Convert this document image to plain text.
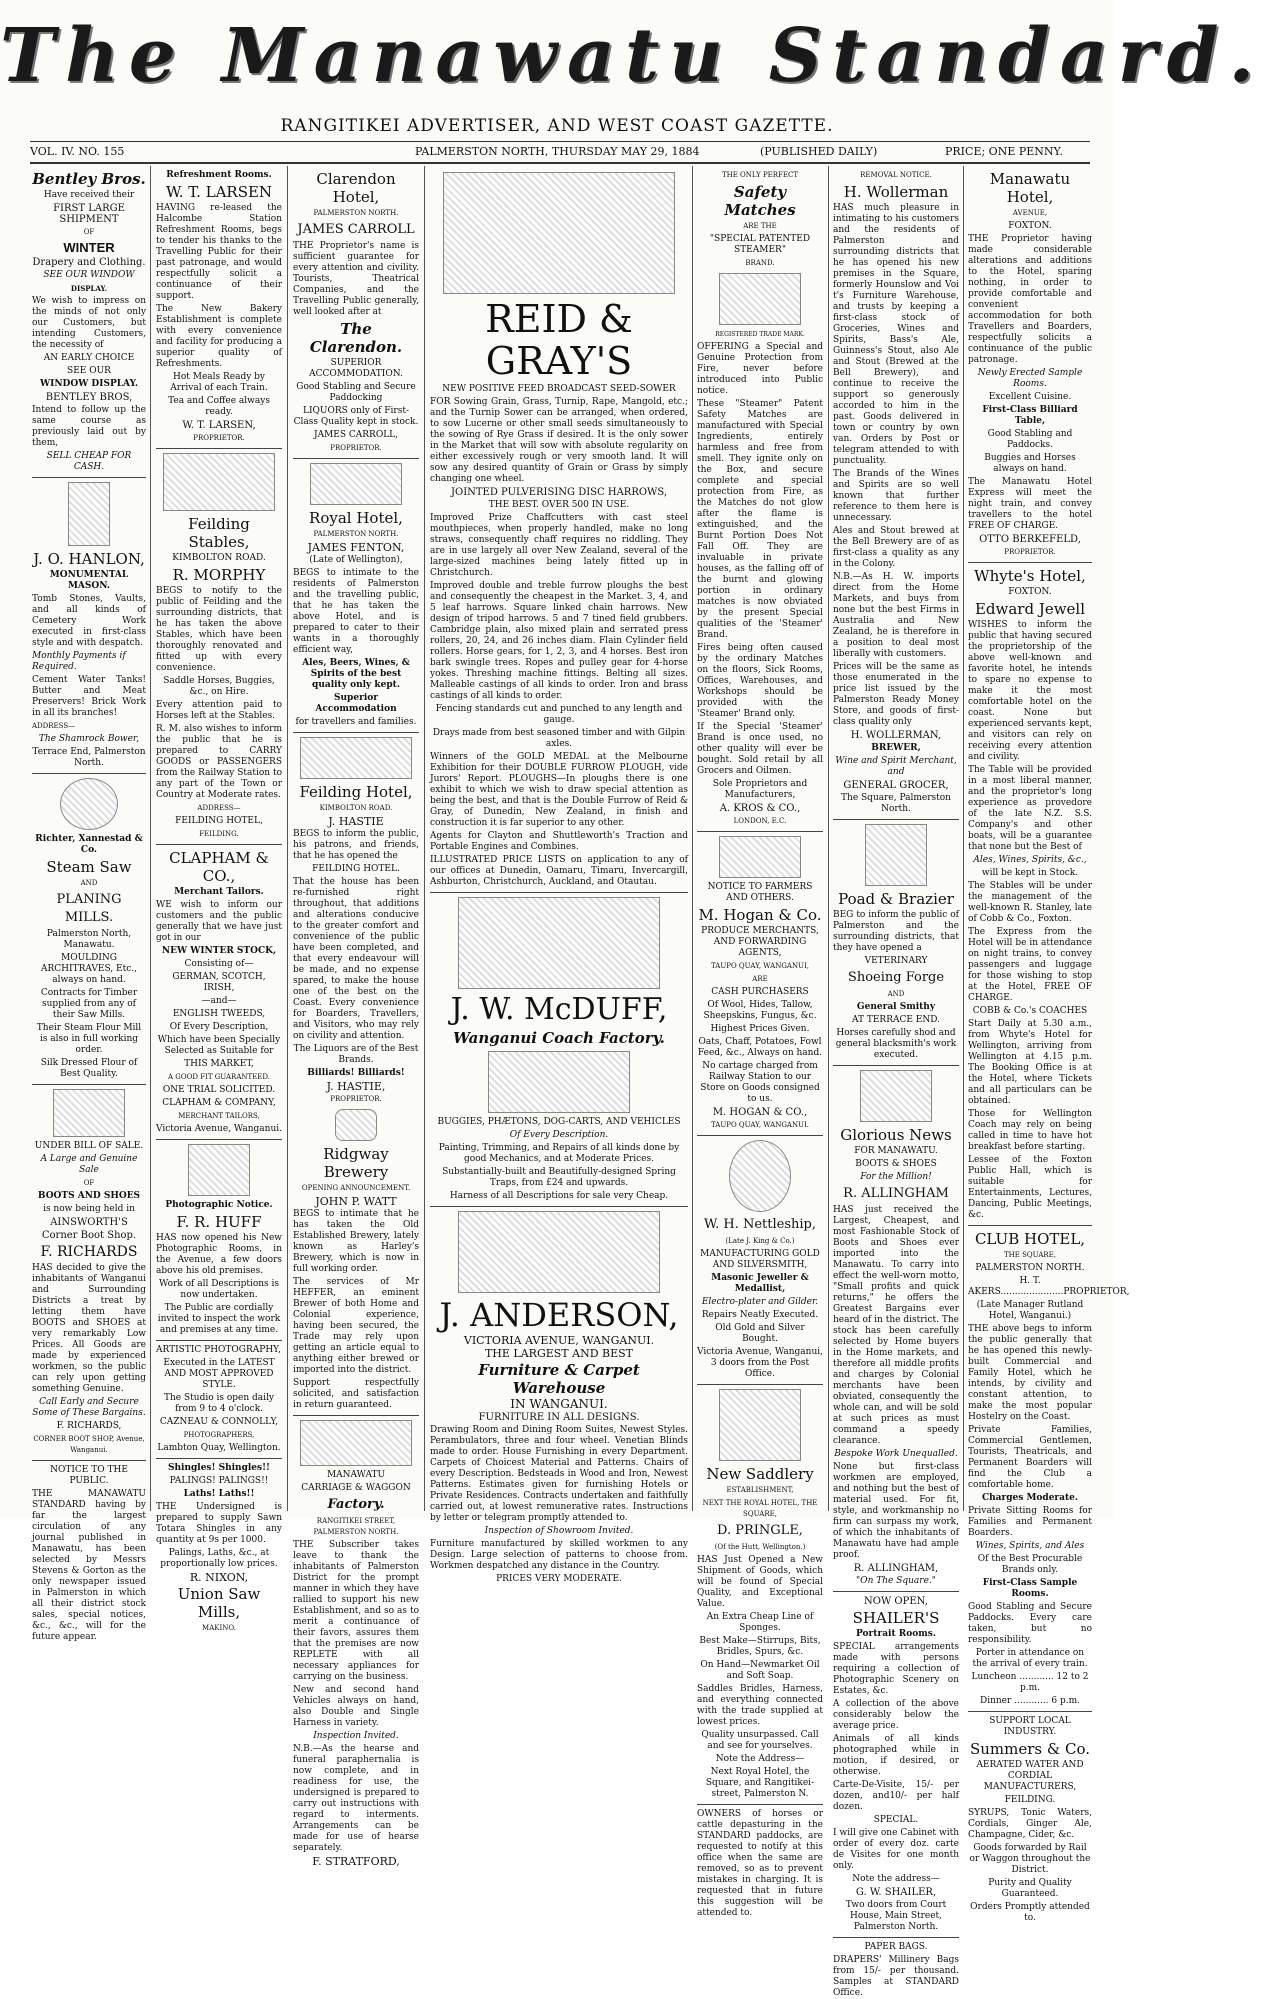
The Manawatu Standard.
RANGITIKEI ADVERTISER, AND WEST COAST GAZETTE.
VOL. IV. NO. 155	PALMERSTON NORTH, THURSDAY MAY 29, 1884	(PUBLISHED DAILY)	PRICE; ONE PENNY.
Bentley Bros.

Have received their

FIRST LARGE SHIPMENT

OF

WINTER

Drapery and Clothing.

SEE OUR WINDOW

DISPLAY.

We wish to impress on the minds of not only our Customers, but intending Customers, the necessity of

AN EARLY CHOICE

SEE OUR

WINDOW DISPLAY.

BENTLEY BROS,

Intend to follow up the same course as previously laid out by them,

SELL CHEAP FOR CASH.

J. O. HANLON,

MONUMENTAL MASON.

Tomb Stones, Vaults, and all kinds of Cemetery Work executed in first-class style and with despatch.

Monthly Payments if Required.

Cement Water Tanks! Butter and Meat Preservers! Brick Work in all its branches!

ADDRESS—

The Shamrock Bower,

Terrace End, Palmerston North.

Richter, Xannestad & Co.

Steam Saw

AND

PLANING MILLS.

Palmerston North, Manawatu.

MOULDING ARCHITRAVES, Etc., always on hand.

Contracts for Timber supplied from any of their Saw Mills.

Their Steam Flour Mill is also in full working order.

Silk Dressed Flour of Best Quality.

UNDER BILL OF SALE.

A Large and Genuine Sale

OF

BOOTS AND SHOES

is now being held in

AINSWORTH'S

Corner Boot Shop.

F. RICHARDS

HAS decided to give the inhabitants of Wanganui and Surrounding Districts a treat by letting them have BOOTS and SHOES at very remarkably Low Prices. All Goods are made by experienced workmen, so the public can rely upon getting something Genuine.

Call Early and Secure Some of These Bargains.

F. RICHARDS,

CORNER BOOT SHOP, Avenue, Wanganui.

NOTICE TO THE PUBLIC.

THE MANAWATU STANDARD having by far the largest circulation of any journal published in Manawatu, has been selected by Messrs Stevens & Gorton as the only newspaper issued in Palmerston in which all their district stock sales, special notices, &c., &c., will for the future appear.

Refreshment Rooms.

W. T. LARSEN

HAVING re-leased the Halcombe Station Refreshment Rooms, begs to tender his thanks to the Travelling Public for their past patronage, and would respectfully solicit a continuance of their support.

The New Bakery Establishment is complete with every convenience and facility for producing a superior quality of Refreshments.

Hot Meals Ready by Arrival of each Train.

Tea and Coffee always ready.

W. T. LARSEN,

PROPRIETOR.

Feilding Stables,

KIMBOLTON ROAD.

R. MORPHY

BEGS to notify to the public of Feilding and the surrounding districts, that he has taken the above Stables, which have been thoroughly renovated and fitted up with every convenience.

Saddle Horses, Buggies, &c., on Hire.

Every attention paid to Horses left at the Stables.

R. M. also wishes to inform the public that he is prepared to CARRY GOODS or PASSENGERS from the Railway Station to any part of the Town or Country at Moderate rates.

ADDRESS—

FEILDING HOTEL,

FEILDING.

CLAPHAM & CO.,

Merchant Tailors.

WE wish to inform our customers and the public generally that we have just got in our

NEW WINTER STOCK,

Consisting of—

GERMAN, SCOTCH, IRISH,

—and—

ENGLISH TWEEDS,

Of Every Description,

Which have been Specially Selected as Suitable for

THIS MARKET,

A GOOD FIT GUARANTEED.

ONE TRIAL SOLICITED.

CLAPHAM & COMPANY,

MERCHANT TAILORS,

Victoria Avenue, Wanganui.

Photographic Notice.

F. R. HUFF

HAS now opened his New Photographic Rooms, in the Avenue, a few doors above his old premises.

Work of all Descriptions is now undertaken.

The Public are cordially invited to inspect the work and premises at any time.

ARTISTIC PHOTOGRAPHY,

Executed in the LATEST AND MOST APPROVED STYLE.

The Studio is open daily from 9 to 4 o'clock.

CAZNEAU & CONNOLLY,

PHOTOGRAPHERS,

Lambton Quay, Wellington.

Shingles! Shingles!!

PALINGS! PALINGS!!

Laths! Laths!!

THE Undersigned is prepared to supply Sawn Totara Shingles in any quantity at 9s per 1000.

Palings, Laths, &c., at proportionally low prices.

R. NIXON,

Union Saw Mills,

MAKINO.

Clarendon Hotel,

PALMERSTON NORTH.

JAMES CARROLL

THE Proprietor's name is sufficient guarantee for every attention and civility. Tourists, Theatrical Companies, and the Travelling Public generally, well looked after at

The Clarendon.

SUPERIOR ACCOMMODATION.

Good Stabling and Secure Paddocking

LIQUORS only of First-Class Quality kept in stock.

JAMES CARROLL,

PROPRIETOR.

Royal Hotel,

PALMERSTON NORTH.

JAMES FENTON,

(Late of Wellington),

BEGS to intimate to the residents of Palmerston and the travelling public, that he has taken the above Hotel, and is prepared to cater to their wants in a thoroughly efficient way,

Ales, Beers, Wines, & Spirits of the best quality only kept.

Superior Accommodation

for travellers and families.

Feilding Hotel,

KIMBOLTON ROAD.

J. HASTIE

BEGS to inform the public, his patrons, and friends, that he has opened the

FEILDING HOTEL.

That the house has been re-furnished right throughout, that additions and alterations conducive to the greater comfort and convenience of the public have been completed, and that every endeavour will be made, and no expense spared, to make the house one of the best on the Coast. Every convenience for Boarders, Travellers, and Visitors, who may rely on civility and attention.

The Liquors are of the Best Brands.

Billiards! Billiards!

J. HASTIE,

PROPRIETOR.

Ridgway Brewery

OPENING ANNOUNCEMENT.

JOHN P. WATT

BEGS to intimate that he has taken the Old Established Brewery, lately known as Harley's Brewery, which is now in full working order.

The services of Mr HEFFER, an eminent Brewer of both Home and Colonial experience, having been secured, the Trade may rely upon getting an article equal to anything either brewed or imported into the district.

Support respectfully solicited, and satisfaction in return guaranteed.

MANAWATU

CARRIAGE & WAGGON

Factory.

RANGITIKEI STREET, PALMERSTON NORTH.

THE Subscriber takes leave to thank the inhabitants of Palmerston District for the prompt manner in which they have rallied to support his new Establishment, and so as to merit a continuance of their favors, assures them that the premises are now REPLETE with all necessary appliances for carrying on the business.

New and second hand Vehicles always on hand, also Double and Single Harness in variety.

Inspection Invited.

N.B.—As the hearse and funeral paraphernalia is now complete, and in readiness for use, the undersigned is prepared to carry out instructions with regard to interments. Arrangements can be made for use of hearse separately.

F. STRATFORD,

REID & GRAY'S

NEW POSITIVE FEED BROADCAST SEED-SOWER

FOR Sowing Grain, Grass, Turnip, Rape, Mangold, etc.; and the Turnip Sower can be arranged, when ordered, to sow Lucerne or other small seeds simultaneously to the sowing of Rye Grass if desired. It is the only sower in the Market that will sow with absolute regularity on either excessively rough or very smooth land. It will sow any desired quantity of Grain or Grass by simply changing one wheel.

JOINTED PULVERISING DISC HARROWS,

THE BEST. OVER 500 IN USE.

Improved Prize Chaffcutters with cast steel mouthpieces, when properly handled, make no long straws, consequently chaff requires no riddling. They are in use largely all over New Zealand, several of the large-sized machines being lately fitted up in Christchurch.

Improved double and treble furrow ploughs the best and consequently the cheapest in the Market. 3, 4, and 5 leaf harrows. Square linked chain harrows. New design of tripod harrows. 5 and 7 tined field grubbers. Cambridge plain, also mixed plain and serrated press rollers, 20, 24, and 26 inches diam. Flain Cylinder field rollers. Horse gears, for 1, 2, 3, and 4 horses. Best iron bark swingle trees. Ropes and pulley gear for 4-horse yokes. Threshing machine fittings. Belting all sizes. Malleable castings of all kinds to order. Iron and brass castings of all kinds to order.

Fencing standards cut and punched to any length and gauge.

Drays made from best seasoned timber and with Gilpin axles.

Winners of the GOLD MEDAL at the Melbourne Exhibition for their DOUBLE FURROW PLOUGH, vide Jurors' Report. PLOUGHS—In ploughs there is one exhibit to which we wish to draw special attention as being the best, and that is the Double Furrow of Reid & Gray, of Dunedin, New Zealand, in finish and construction it is far superior to any other.

Agents for Clayton and Shuttleworth's Traction and Portable Engines and Combines.

ILLUSTRATED PRICE LISTS on application to any of our offices at Dunedin, Oamaru, Timaru, Invercargill, Ashburton, Christchurch, Auckland, and Otautau.

J. W. McDUFF,
Wanganui Coach Factory.

BUGGIES, PHÆTONS, DOG-CARTS, AND VEHICLES

Of Every Description.

Painting, Trimming, and Repairs of all kinds done by good Mechanics, and at Moderate Prices.

Substantially-built and Beautifully-designed Spring Traps, from £24 and upwards.

Harness of all Descriptions for sale very Cheap.

J. ANDERSON,

VICTORIA AVENUE, WANGANUI.

THE LARGEST AND BEST

Furniture & Carpet Warehouse

IN WANGANUI.

FURNITURE IN ALL DESIGNS.

Drawing Room and Dining Room Suites, Newest Styles. Perambulators, three and four wheel. Venetian Blinds made to order. House Furnishing in every Department. Carpets of Choicest Material and Patterns. Chairs of every Description. Bedsteads in Wood and Iron, Newest Patterns. Estimates given for furnishing Hotels or Private Residences. Contracts undertaken and faithfully carried out, at lowest remunerative rates. Instructions by letter or telegram promptly attended to.

Inspection of Showroom Invited.

Furniture manufactured by skilled workmen to any Design. Large selection of patterns to choose from. Workmen despatched any distance in the Country.

PRICES VERY MODERATE.

THE ONLY PERFECT

Safety Matches

ARE THE

"SPECIAL PATENTED STEAMER"

BRAND.

REGISTERED TRADE MARK.

OFFERING a Special and Genuine Protection from Fire, never before introduced into Public notice.

These "Steamer" Patent Safety Matches are manufactured with Special Ingredients, entirely harmless and free from smell. They ignite only on the Box, and secure complete and special protection from Fire, as the Matches do not glow after the flame is extinguished, and the Burnt Portion Does Not Fall Off. They are invaluable in private houses, as the falling off of the burnt and glowing portion in ordinary matches is now obviated by the present Special qualities of the 'Steamer' Brand.

Fires being often caused by the ordinary Matches on the floors, Sick Rooms, Offices, Warehouses, and Workshops should be provided with the 'Steamer' Brand only.

If the Special 'Steamer' Brand is once used, no other quality will ever be bought. Sold retail by all Grocers and Oilmen.

Sole Proprietors and Manufacturers,

A. KROS & CO.,

LONDON, E.C.

NOTICE TO FARMERS AND OTHERS.

M. Hogan & Co.

PRODUCE MERCHANTS, AND FORWARDING AGENTS,

TAUPO QUAY, WANGANUI,

ARE

CASH PURCHASERS

Of Wool, Hides, Tallow, Sheepskins, Fungus, &c.

Highest Prices Given.

Oats, Chaff, Potatoes, Fowl Feed, &c., Always on hand.

No cartage charged from Railway Station to our Store on Goods consigned to us.

M. HOGAN & CO.,

TAUPO QUAY, WANGANUI.

W. H. Nettleship,

(Late J. King & Co.)

MANUFACTURING GOLD AND SILVERSMITH,

Masonic Jeweller & Medallist,

Electro-plater and Gilder.

Repairs Neatly Executed.

Old Gold and Silver Bought.

Victoria Avenue, Wanganui, 3 doors from the Post Office.

New Saddlery

ESTABLISHMENT,

NEXT THE ROYAL HOTEL, THE SQUARE,

D. PRINGLE,

(Of the Hutt, Wellington.)

HAS Just Opened a New Shipment of Goods, which will be found of Special Quality, and Exceptional Value.

An Extra Cheap Line of Sponges.

Best Make—Stirrups, Bits, Bridles, Spurs, &c.

On Hand—Newmarket Oil and Soft Soap.

Saddles Bridles, Harness, and everything connected with the trade supplied at lowest prices.

Quality unsurpassed. Call and see for yourselves.

Note the Address—

Next Royal Hotel, the Square, and Rangitikei-street, Palmerston N.

OWNERS of horses or cattle depasturing in the STANDARD paddocks, are requested to notify at this office when the same are removed, so as to prevent mistakes in charging. It is requested that in future this suggestion will be attended to.

REMOVAL NOTICE.

H. Wollerman

HAS much pleasure in intimating to his customers and the residents of Palmerston and surrounding districts that he has opened his new premises in the Square, formerly Hounslow and Voi t's Furniture Warehouse, and trusts by keeping a first-class stock of Groceries, Wines and Spirits, Bass's Ale, Guinness's Stout, also Ale and Stout (Brewed at the Bell Brewery), and continue to receive the support so generously accorded to him in the past. Goods delivered in town or country by own van. Orders by Post or telegram attended to with punctuality.

The Brands of the Wines and Spirits are so well known that further reference to them here is unnecessary.

Ales and Stout brewed at the Bell Brewery are of as first-class a quality as any in the Colony.

N.B.—As H. W. imports direct from the Home Markets, and buys from none but the best Firms in Australia and New Zealand, he is therefore in a position to deal most liberally with customers.

Prices will be the same as those enumerated in the price list issued by the Palmerston Ready Money Store, and goods of first-class quality only

H. WOLLERMAN,

BREWER,

Wine and Spirit Merchant, and

GENERAL GROCER,

The Square, Palmerston North.

Poad & Brazier

BEG to inform the public of Palmerston and the surrounding districts, that they have opened a

VETERINARY

Shoeing Forge

AND

General Smithy

AT TERRACE END.

Horses carefully shod and general blacksmith's work executed.

Glorious News

FOR MANAWATU.

BOOTS & SHOES

For the Million!

R. ALLINGHAM

HAS just received the Largest, Cheapest, and most Fashionable Stock of Boots and Shoes ever imported into the Manawatu. To carry into effect the well-worn motto, "Small profits and quick returns," he offers the Greatest Bargains ever heard of in the district. The stock has been carefully selected by Home buyers in the Home markets, and therefore all middle profits and charges by Colonial merchants have been obviated, consequently the whole can, and will be sold at such prices as must command a speedy clearance.

Bespoke Work Unequalled.

None but first-class workmen are employed, and nothing but the best of material used. For fit, style, and workmanship no firm can surpass my work, of which the inhabitants of Manawatu have had ample proof.

R. ALLINGHAM,

"On The Square."

NOW OPEN,

SHAILER'S

Portrait Rooms.

SPECIAL arrangements made with persons requiring a collection of Photographic Scenery on Estates, &c.

A collection of the above considerably below the average price.

Animals of all kinds photographed while in motion, if desired, or otherwise.

Carte-De-Visite, 15/- per dozen, and10/- per half dozen.

SPECIAL.

I will give one Cabinet with order of every doz. carte de Visites for one month only.

Note the address—

G. W. SHAILER,

Two doors from Court House, Main Street, Palmerston North.

PAPER BAGS.

DRAPERS' Millinery Bags from 15/- per thousand. Samples at STANDARD Office.

Manawatu Hotel,

AVENUE,

FOXTON.

THE Proprietor having made considerable alterations and additions to the Hotel, sparing nothing, in order to provide comfortable and convenient accommodation for both Travellers and Boarders, respectfully solicits a continuance of the public patronage.

Newly Erected Sample Rooms.

Excellent Cuisine.

First-Class Billiard Table,

Good Stabling and Paddocks.

Buggies and Horses always on hand.

The Manawatu Hotel Express will meet the night train, and convey travellers to the hotel FREE OF CHARGE.

OTTO BERKEFELD,

PROPRIETOR.

Whyte's Hotel,

FOXTON.

Edward Jewell

WISHES to inform the public that having secured the proprietorship of the above well-known and favorite hotel, he intends to spare no expense to make it the most comfortable hotel on the coast. None but experienced servants kept, and visitors can rely on receiving every attention and civility.

The Table will be provided in a most liberal manner, and the proprietor's long experience as provedore of the late N.Z. S.S. Company's and other boats, will be a guarantee that none but the Best of

Ales, Wines, Spirits, &c.,

will be kept in Stock.

The Stables will be under the management of the well-known R. Stanley, late of Cobb & Co., Foxton.

The Express from the Hotel will be in attendance on night trains, to convey passengers and luggage for those wishing to stop at the Hotel, FREE OF CHARGE.

COBB & Co.'s COACHES

Start Daily at 5.30 a.m., from Whyte's Hotel for Wellington, arriving from Wellington at 4.15 p.m. The Booking Office is at the Hotel, where Tickets and all particulars can be obtained.

Those for Wellington Coach may rely on being called in time to have hot breakfast before starting.

Lessee of the Foxton Public Hall, which is suitable for Entertainments, Lectures, Dancing, Public Meetings, &c.

CLUB HOTEL,

THE SQUARE,

PALMERSTON NORTH.

H. T. AKERS......................PROPRIETOR,

(Late Manager Rutland Hotel, Wanganui.)

THE above begs to inform the public generally that he has opened this newly-built Commercial and Family Hotel, which he intends, by civility and constant attention, to make the most popular Hostelry on the Coast.

Private Families, Commercial Gentlemen, Tourists, Theatricals, and Permanent Boarders will find the Club a comfortable home.

Charges Moderate.

Private Sitting Rooms for Families and Permanent Boarders.

Wines, Spirits, and Ales

Of the Best Procurable Brands only.

First-Class Sample Rooms.

Good Stabling and Secure Paddocks. Every care taken, but no responsibility.

Porter in attendance on the arrival of every train.

Luncheon ............ 12 to 2 p.m.

Dinner ............ 6 p.m.

SUPPORT LOCAL INDUSTRY.

Summers & Co.

AERATED WATER AND CORDIAL MANUFACTURERS,

FEILDING.

SYRUPS, Tonic Waters, Cordials, Ginger Ale, Champagne, Cider, &c.

Goods forwarded by Rail or Waggon throughout the District.

Purity and Quality Guaranteed.

Orders Promptly attended to.
